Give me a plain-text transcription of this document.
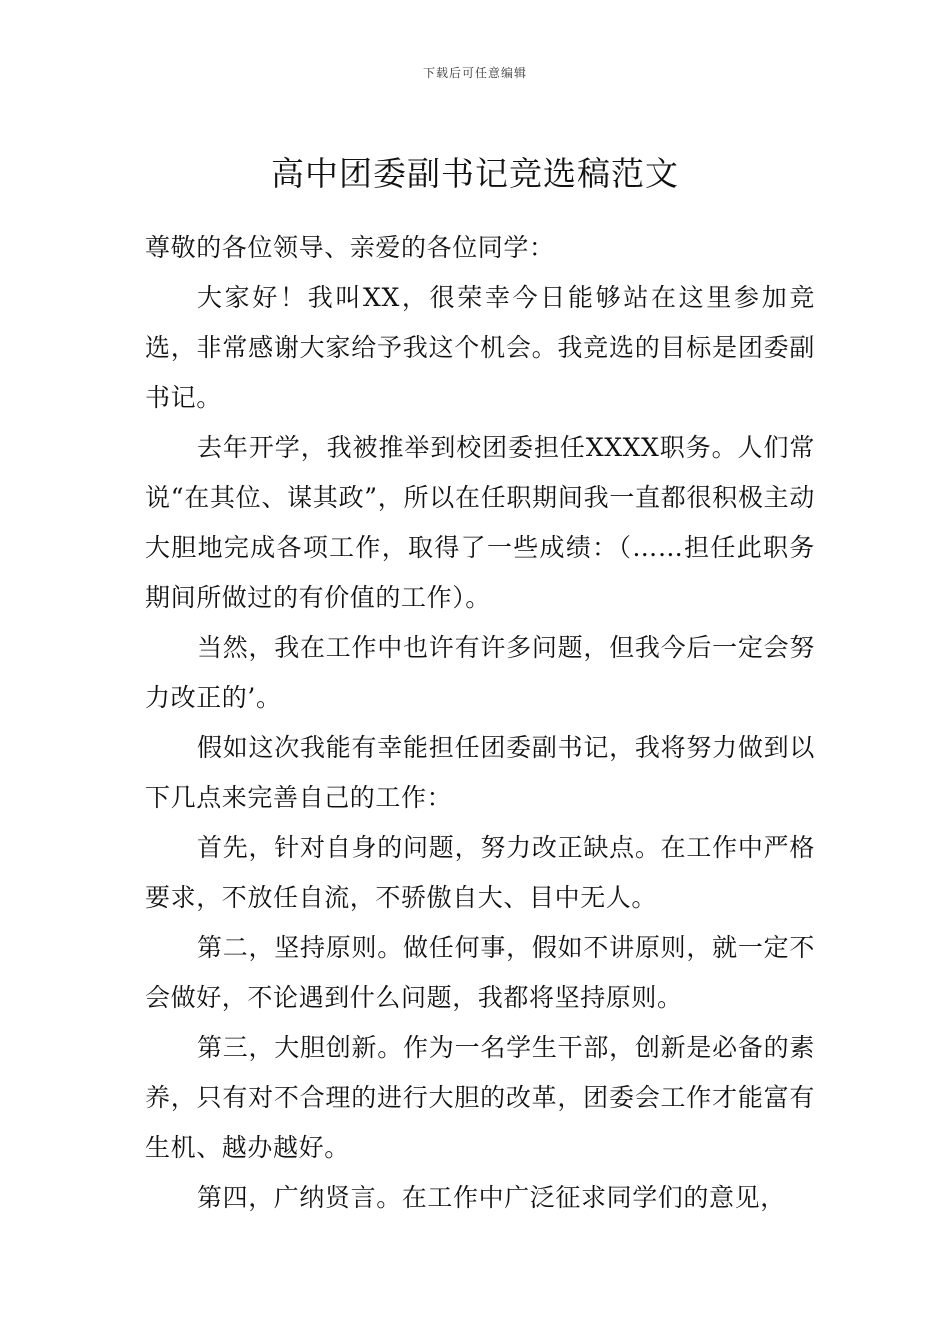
下载后可任意编辑
高中团委副书记竞选稿范文

尊敬的各位领导、亲爱的各位同学：

大家好！我叫XX，很荣幸今日能够站在这里参加竞选，非常感谢大家给予我这个机会。我竞选的目标是团委副书记。

去年开学，我被推举到校团委担任XXXX职务。人们常说“在其位、谋其政”，所以在任职期间我一直都很积极主动大胆地完成各项工作，取得了一些成绩：（……担任此职务期间所做过的有价值的工作）。

当然，我在工作中也许有许多问题，但我今后一定会努力改正的’。

假如这次我能有幸能担任团委副书记，我将努力做到以下几点来完善自己的工作：

首先，针对自身的问题，努力改正缺点。在工作中严格要求，不放任自流，不骄傲自大、目中无人。

第二，坚持原则。做任何事，假如不讲原则，就一定不会做好，不论遇到什么问题，我都将坚持原则。

第三，大胆创新。作为一名学生干部，创新是必备的素养，只有对不合理的进行大胆的改革，团委会工作才能富有生机、越办越好。

第四，广纳贤言。在工作中广泛征求同学们的意见，
